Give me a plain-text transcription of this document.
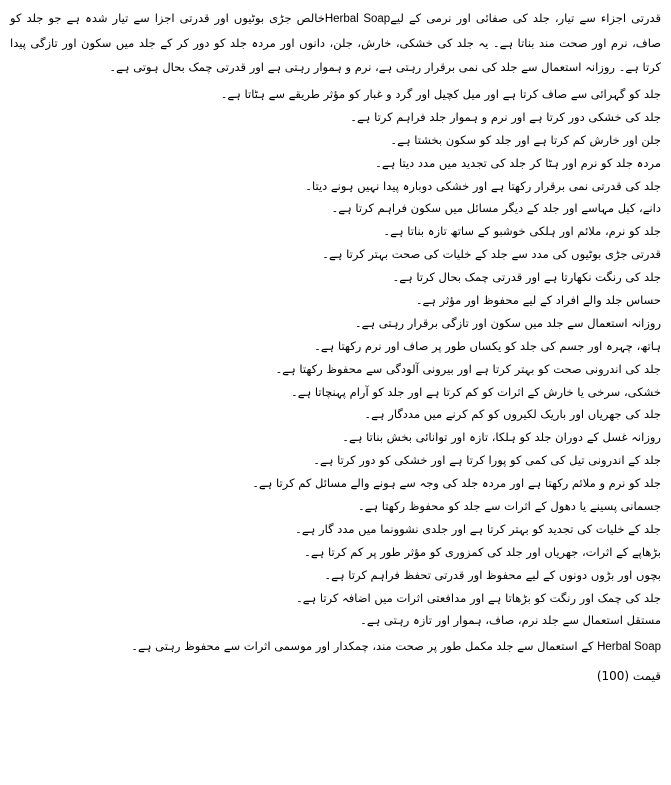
قدرتی اجزاء سے تیار، جلد کی صفائی اور نرمی کے لیےHerbal Soapخالص جڑی بوٹیوں اور قدرتی اجزا سے تیار شدہ ہے جو جلد کو صاف، نرم اور صحت مند بناتا ہے۔ یہ جلد کی خشکی، خارش، جلن، دانوں اور مردہ جلد کو دور کر کے جلد میں سکون اور تازگی پیدا کرتا ہے۔ روزانہ استعمال سے جلد کی نمی برقرار رہتی ہے، نرم و ہموار رہتی ہے اور قدرتی چمک بحال ہوتی ہے۔

جلد کو گہرائی سے صاف کرتا ہے اور میل کچیل اور گرد و غبار کو مؤثر طریقے سے ہٹاتا ہے۔
جلد کی خشکی دور کرتا ہے اور نرم و ہموار جلد فراہم کرتا ہے۔
جلن اور خارش کم کرتا ہے اور جلد کو سکون بخشتا ہے۔
مردہ جلد کو نرم اور ہٹا کر جلد کی تجدید میں مدد دیتا ہے۔
جلد کی قدرتی نمی برقرار رکھتا ہے اور خشکی دوبارہ پیدا نہیں ہونے دیتا۔
دانے، کیل مہاسے اور جلد کے دیگر مسائل میں سکون فراہم کرتا ہے۔
جلد کو نرم، ملائم اور ہلکی خوشبو کے ساتھ تازہ بناتا ہے۔
قدرتی جڑی بوٹیوں کی مدد سے جلد کے خلیات کی صحت بہتر کرتا ہے۔
جلد کی رنگت نکھارتا ہے اور قدرتی چمک بحال کرتا ہے۔
حساس جلد والے افراد کے لیے محفوظ اور مؤثر ہے۔
روزانہ استعمال سے جلد میں سکون اور تازگی برقرار رہتی ہے۔
ہاتھ، چہرہ اور جسم کی جلد کو یکساں طور پر صاف اور نرم رکھتا ہے۔
جلد کی اندرونی صحت کو بہتر کرتا ہے اور بیرونی آلودگی سے محفوظ رکھتا ہے۔
خشکی، سرخی یا خارش کے اثرات کو کم کرتا ہے اور جلد کو آرام پہنچاتا ہے۔
جلد کی جھریاں اور باریک لکیروں کو کم کرنے میں مددگار ہے۔
روزانہ غسل کے دوران جلد کو ہلکا، تازہ اور توانائی بخش بناتا ہے۔
جلد کے اندرونی تیل کی کمی کو پورا کرتا ہے اور خشکی کو دور کرتا ہے۔
جلد کو نرم و ملائم رکھتا ہے اور مردہ جلد کی وجہ سے ہونے والے مسائل کم کرتا ہے۔
جسمانی پسینے یا دھول کے اثرات سے جلد کو محفوظ رکھتا ہے۔
جلد کے خلیات کی تجدید کو بہتر کرتا ہے اور جلدی نشوونما میں مدد گار ہے۔
بڑھاپے کے اثرات، جھریاں اور جلد کی کمزوری کو مؤثر طور پر کم کرتا ہے۔
بچوں اور بڑوں دونوں کے لیے محفوظ اور قدرتی تحفظ فراہم کرتا ہے۔
جلد کی چمک اور رنگت کو بڑھاتا ہے اور مدافعتی اثرات میں اضافہ کرتا ہے۔
مستقل استعمال سے جلد نرم، صاف، ہموار اور تازہ رہتی ہے۔

Herbal Soap کے استعمال سے جلد مکمل طور پر صحت مند، چمکدار اور موسمی اثرات سے محفوظ رہتی ہے۔

قیمت (100)
